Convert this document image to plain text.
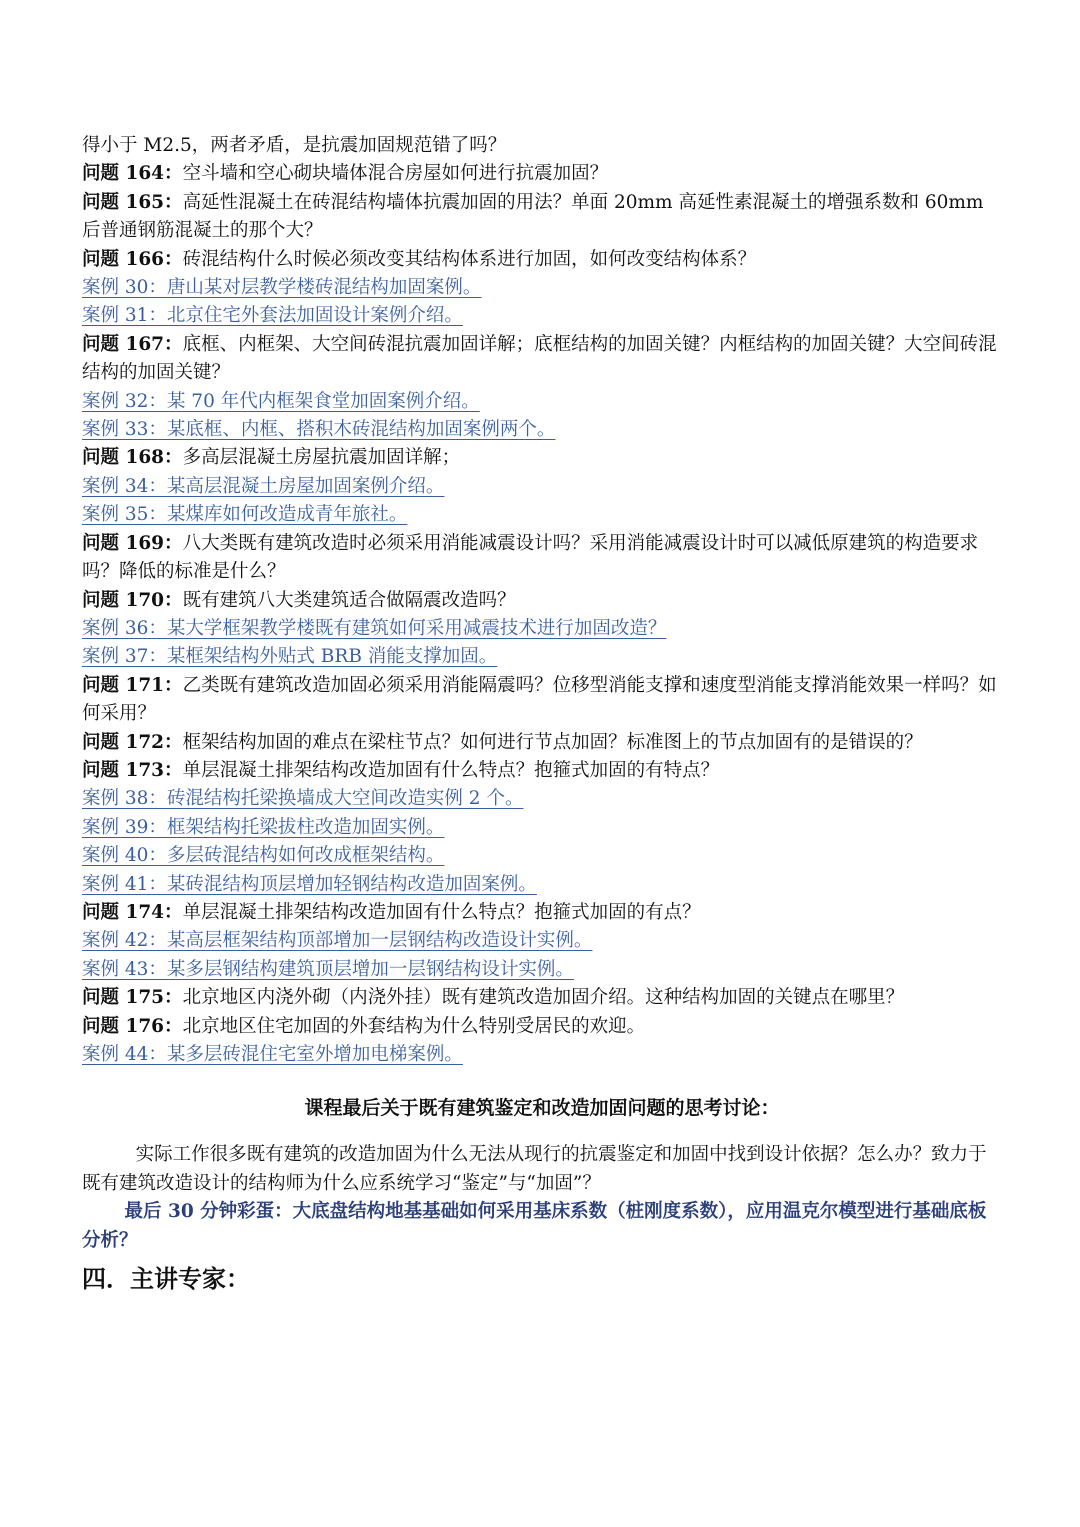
得小于 M2.5，两者矛盾，是抗震加固规范错了吗？

问题 164：空斗墙和空心砌块墙体混合房屋如何进行抗震加固？

问题 165：高延性混凝土在砖混结构墙体抗震加固的用法？单面 20mm 高延性素混凝土的增强系数和 60mm 后普通钢筋混凝土的那个大？

问题 166：砖混结构什么时候必须改变其结构体系进行加固，如何改变结构体系？

案例 30：唐山某对层教学楼砖混结构加固案例。

案例 31：北京住宅外套法加固设计案例介绍。

问题 167：底框、内框架、大空间砖混抗震加固详解；底框结构的加固关键？内框结构的加固关键？大空间砖混结构的加固关键？

案例 32：某 70 年代内框架食堂加固案例介绍。

案例 33：某底框、内框、搭积木砖混结构加固案例两个。

问题 168：多高层混凝土房屋抗震加固详解；

案例 34：某高层混凝土房屋加固案例介绍。

案例 35：某煤库如何改造成青年旅社。

问题 169：八大类既有建筑改造时必须采用消能减震设计吗？采用消能减震设计时可以减低原建筑的构造要求吗？降低的标准是什么？

问题 170：既有建筑八大类建筑适合做隔震改造吗？

案例 36：某大学框架教学楼既有建筑如何采用减震技术进行加固改造？

案例 37：某框架结构外贴式 BRB 消能支撑加固。

问题 171：乙类既有建筑改造加固必须采用消能隔震吗？位移型消能支撑和速度型消能支撑消能效果一样吗？如何采用？

问题 172：框架结构加固的难点在梁柱节点？如何进行节点加固？标准图上的节点加固有的是错误的？

问题 173：单层混凝土排架结构改造加固有什么特点？抱箍式加固的有特点？

案例 38：砖混结构托梁换墙成大空间改造实例 2 个。

案例 39：框架结构托梁拔柱改造加固实例。

案例 40：多层砖混结构如何改成框架结构。

案例 41：某砖混结构顶层增加轻钢结构改造加固案例。

问题 174：单层混凝土排架结构改造加固有什么特点？抱箍式加固的有点？

案例 42：某高层框架结构顶部增加一层钢结构改造设计实例。

案例 43：某多层钢结构建筑顶层增加一层钢结构设计实例。

问题 175：北京地区内浇外砌（内浇外挂）既有建筑改造加固介绍。这种结构加固的关键点在哪里？

问题 176：北京地区住宅加固的外套结构为什么特别受居民的欢迎。

案例 44：某多层砖混住宅室外增加电梯案例。

课程最后关于既有建筑鉴定和改造加固问题的思考讨论：

实际工作很多既有建筑的改造加固为什么无法从现行的抗震鉴定和加固中找到设计依据？怎么办？致力于既有建筑改造设计的结构师为什么应系统学习“鉴定”与“加固”？

最后 30 分钟彩蛋：大底盘结构地基基础如何采用基床系数（桩刚度系数），应用温克尔模型进行基础底板分析？

四．主讲专家：
